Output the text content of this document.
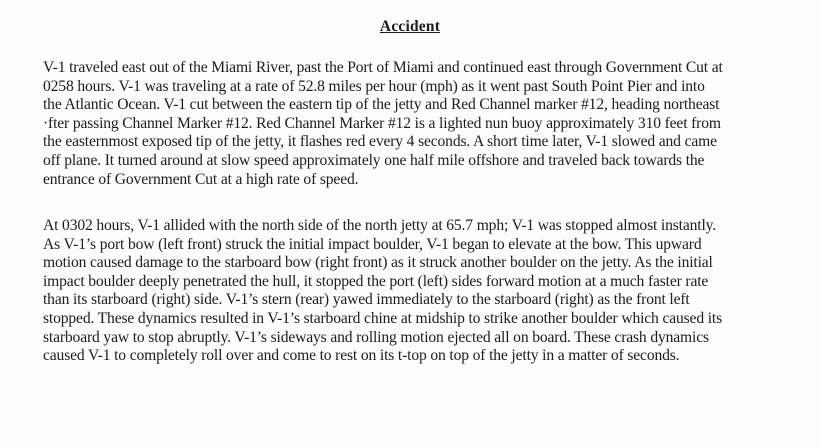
Accident

V-1 traveled east out of the Miami River, past the Port of Miami and continued east through Government Cut at
0258 hours. V-1 was traveling at a rate of 52.8 miles per hour (mph) as it went past South Point Pier and into
the Atlantic Ocean. V-1 cut between the eastern tip of the jetty and Red Channel marker #12, heading northeast
·fter passing Channel Marker #12. Red Channel Marker #12 is a lighted nun buoy approximately 310 feet from
the easternmost exposed tip of the jetty, it flashes red every 4 seconds. A short time later, V-1 slowed and came
off plane. It turned around at slow speed approximately one half mile offshore and traveled back towards the
entrance of Government Cut at a high rate of speed.

At 0302 hours, V-1 allided with the north side of the north jetty at 65.7 mph; V-1 was stopped almost instantly.
As V-1’s port bow (left front) struck the initial impact boulder, V-1 began to elevate at the bow. This upward
motion caused damage to the starboard bow (right front) as it struck another boulder on the jetty. As the initial
impact boulder deeply penetrated the hull, it stopped the port (left) sides forward motion at a much faster rate
than its starboard (right) side. V-1’s stern (rear) yawed immediately to the starboard (right) as the front left
stopped. These dynamics resulted in V-1’s starboard chine at midship to strike another boulder which caused its
starboard yaw to stop abruptly. V-1’s sideways and rolling motion ejected all on board. These crash dynamics
caused V-1 to completely roll over and come to rest on its t-top on top of the jetty in a matter of seconds.
